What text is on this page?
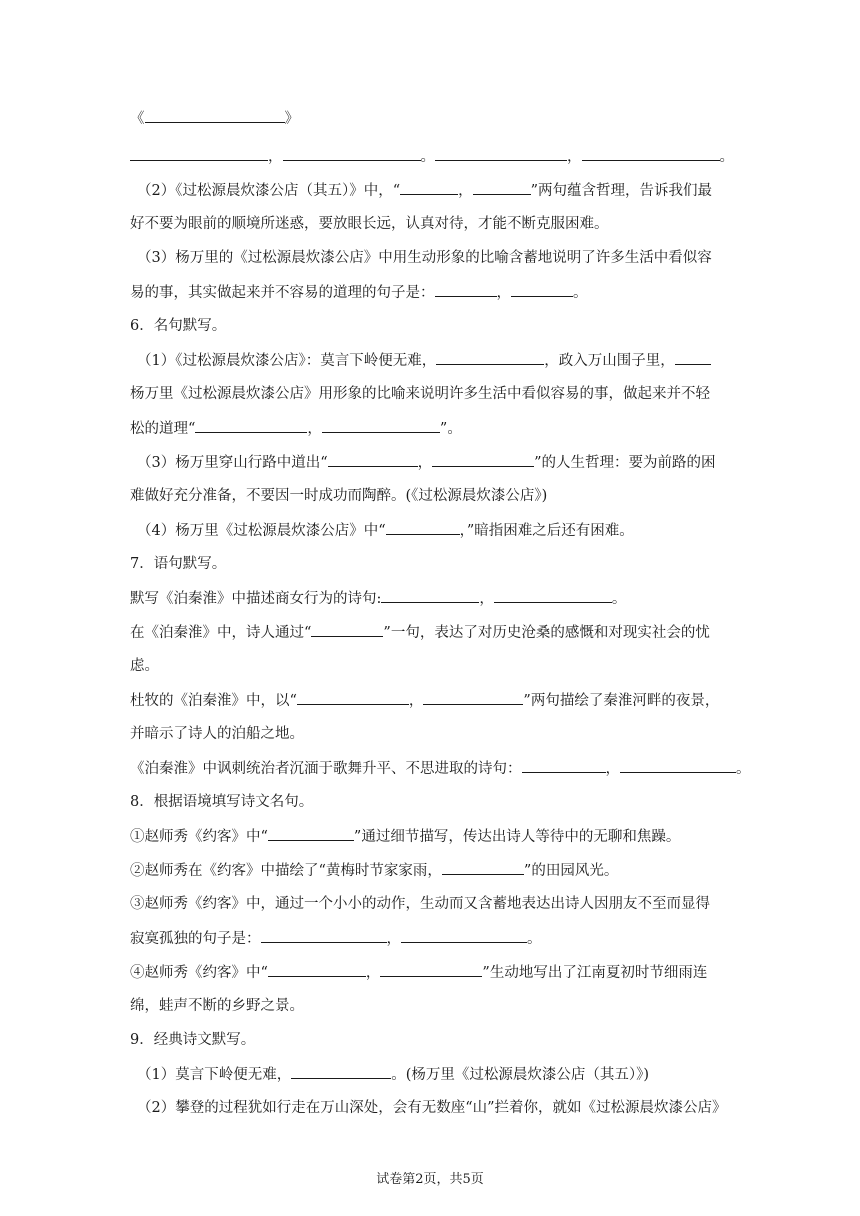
《	》
，	。	，	。
（2）《过松源晨炊漆公店（其五）》中，“	，	”两句蕴含哲理，告诉我们最
好不要为眼前的顺境所迷惑，要放眼长远，认真对待，才能不断克服困难。
（3）杨万里的《过松源晨炊漆公店》中用生动形象的比喻含蓄地说明了许多生活中看似容
易的事，其实做起来并不容易的道理的句子是：	，	。
6．名句默写。
（1）《过松源晨炊漆公店》：莫言下岭便无难，	，政入万山围子里，
杨万里《过松源晨炊漆公店》用形象的比喻来说明许多生活中看似容易的事，做起来并不轻
松的道理“	，	”。
（3）杨万里穿山行路中道出“	，	”的人生哲理：要为前路的困
难做好充分准备，不要因一时成功而陶醉。(《过松源晨炊漆公店》)
（4）杨万里《过松源晨炊漆公店》中“	，”暗指困难之后还有困难。
7．语句默写。
默写《泊秦淮》中描述商女行为的诗句:	，	。
在《泊秦淮》中，诗人通过“	”一句，表达了对历史沧桑的感慨和对现实社会的忧
虑。
杜牧的《泊秦淮》中，以“	，	”两句描绘了秦淮河畔的夜景，
并暗示了诗人的泊船之地。
《泊秦淮》中讽刺统治者沉湎于歌舞升平、不思进取的诗句：	，	。
8．根据语境填写诗文名句。
①赵师秀《约客》中“	”通过细节描写，传达出诗人等待中的无聊和焦躁。
②赵师秀在《约客》中描绘了“黄梅时节家家雨，	”的田园风光。
③赵师秀《约客》中，通过一个小小的动作，生动而又含蓄地表达出诗人因朋友不至而显得
寂寞孤独的句子是：	，	。
④赵师秀《约客》中“	，	”生动地写出了江南夏初时节细雨连
绵，蛙声不断的乡野之景。
9．经典诗文默写。
（1）莫言下岭便无难，	。(杨万里《过松源晨炊漆公店（其五）》)
（2）攀登的过程犹如行走在万山深处，会有无数座“山”拦着你，就如《过松源晨炊漆公店》
试卷第2页，共5页
